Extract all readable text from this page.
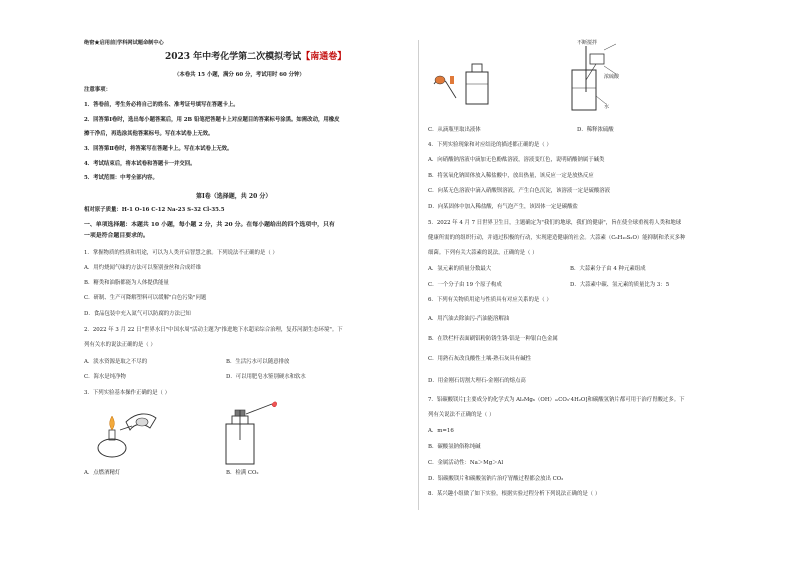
绝密★启用前|学科网试题命制中心
2023 年中考化学第二次模拟考试【南通卷】
（本卷共 15 小题，满分 60 分，考试用时 60 分钟）
注意事项：
1．答卷前，考生务必将自己的姓名、准考证号填写在答题卡上。
2．回答第Ⅰ卷时，选出每小题答案后，用 2B 铅笔把答题卡上对应题目的答案标号涂黑。如需改动，用橡皮
擦干净后，再选涂其他答案标号。写在本试卷上无效。
3．回答第Ⅱ卷时，将答案写在答题卡上。写在本试卷上无效。
4．考试结束后，将本试卷和答题卡一并交回。
5．考试范围：中考全部内容。
第Ⅰ卷（选择题，共 20 分）
相对原子质量：H-1 O-16 C-12 Na-23 S-32 Cl-35.5
一、单项选择题：本题共 10 小题，每小题 2 分，共 20 分。在每小题给出的四个选项中，只有
一项是符合题目要求的。
1．掌握物质的性质和用途，可以为人类开启智慧之旅。下列说法不正确的是（ ）
A．用灼烧闻气味的方法可以鉴别蚕丝和合成纤维
B．糖类和油脂都能为人体提供能量
C．研制、生产可降解塑料可以缓解"白色污染"问题
D．食品包装中充入氮气可以防腐的方法已知
2．2022 年 3 月 22 日"世界水日"中国水周"活动主题为"推进地下水超采综合治理，复苏河湖生态环境"。下
列有关水的说法正确的是（ ）
A．淡水资源是取之不尽的	B．生活污水可以随意排放
C．海水是纯净物	D．可以用肥皂水鉴别硬水和软水
3．下列实验基本操作正确的是（ ）
A．点燃酒精灯	B．检满 CO₂
C．从滴瓶里取出液体
不断搅拌
浓硫酸
水
D．稀释浓硫酸
4．下列实验现象和对应结论的描述都正确的是（ ）
A．向硝酸钠溶液中滴加无色酚酞溶液，溶液变红色，说明硝酸钠属于碱类
B．将氢氧化钠固体放入稀盐酸中，放出热量，该反应一定是放热反应
C．向某无色溶液中滴入硝酸钡溶液，产生白色沉淀，该溶液一定是硫酸溶液
D．向某固体中加入稀盐酸，有气泡产生，该固体一定是碳酸盐
5．2022 年 4 月 7 日世界卫生日，主题确定为"我们的地球，我们的健康"，旨在使全球重视将人类和地球
健康所需的的组织行动，并通过积极的行动，实现建造健康的社会。大蒜素（C₆H₁₀S₂O）能抑制和杀灭多种
细菌。下列有关大蒜素的说法，正确的是（ ）
A．氢元素的质量分数最大	B．大蒜素分子由 4 种元素组成
C．一个分子由 19 个原子构成	D．大蒜素中碳、氢元素的质量比为 3：5
6．下列有关物质用途与性质具有对应关系的是（ ）
A．用汽油去除油污-汽油能溶解油
B．在铁栏杆表面刷铝粉防锈生锈-铝是一种银白色金属
C．用熟石灰改良酸性土壤-熟石灰具有碱性
D．用金刚石切割大理石-金刚石的熔点高
7．铝碳酸镁片[主要成分的化学式为 Al₂Mg₆（OH）ₘCO₃·4H₂O]和碳酸氢钠片都可用于治疗胃酸过多。下
列有关说法不正确的是（ ）
A．m=16
B．碳酸氢钠俗称纯碱
C．金属活动性：Na＞Mg＞Al
D．铝碳酸镁片和碳酸氢钠片治疗胃酸过程都会放出 CO₂
8．某兴趣小组做了如下实验，根据实验过程分析下列说法正确的是（ ）
